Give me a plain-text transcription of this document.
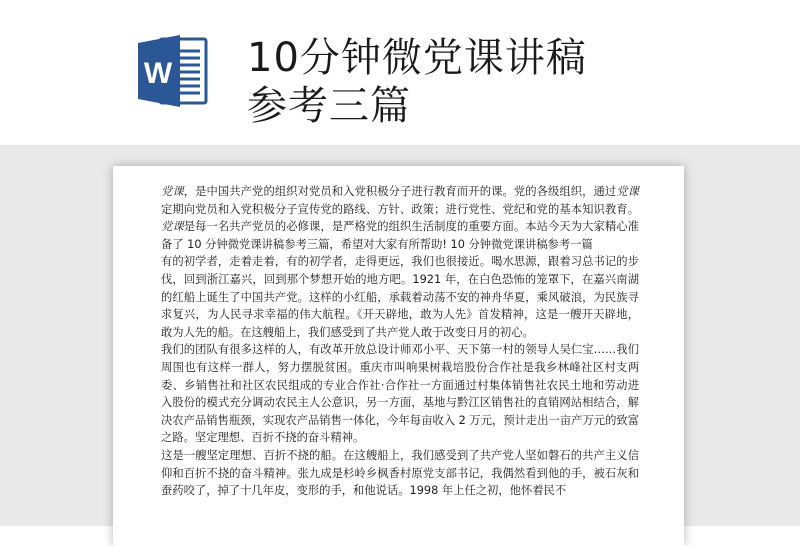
W 10分钟微党课讲稿
参考三篇

党课，是中国共产党的组织对党员和入党积极分子进行教育而开的课。党的各级组织，通过党课定期向党员和入党积极分子宣传党的路线、方针、政策；进行党性、党纪和党的基本知识教育。党课是每一名共产党员的必修课，是严格党的组织生活制度的重要方面。本站今天为大家精心准备了 10 分钟微党课讲稿参考三篇，希望对大家有所帮助! 10 分钟微党课讲稿参考一篇

有的初学者，走着走着，有的初学者，走得更远，我们也很接近。喝水思源，跟着习总书记的步伐，回到浙江嘉兴，回到那个梦想开始的地方吧。1921 年，在白色恐怖的笼罩下，在嘉兴南湖的红船上诞生了中国共产党。这样的小红船，承载着动荡不安的神舟华夏，乘风破浪，为民族寻求复兴，为人民寻求幸福的伟大航程。《开天辟地，敢为人先》首发精神，这是一艘开天辟地，敢为人先的船。在这艘船上，我们感受到了共产党人敢于改变日月的初心。

我们的团队有很多这样的人，有改革开放总设计师邓小平、天下第一村的领导人吴仁宝……我们周围也有这样一群人，努力摆脱贫困。重庆市叫响果树栽培股份合作社是我乡林峰社区村支两委、乡销售社和社区农民组成的专业合作社·合作社一方面通过村集体销售社农民土地和劳动进入股份的模式充分调动农民主人公意识，另一方面，基地与黔江区销售社的直销网站相结合，解决农产品销售瓶颈，实现农产品销售一体化，今年每亩收入 2 万元，预计走出一亩产万元的致富之路。坚定理想、百折不挠的奋斗精神。

这是一艘坚定理想、百折不挠的船。在这艘船上，我们感受到了共产党人坚如磐石的共产主义信仰和百折不挠的奋斗精神。张九成是杉岭乡枫香村原党支部书记，我偶然看到他的手，被石灰和蚕药咬了，掉了十几年皮，变形的手，和他说话。1998 年上任之初，他怀着民不
